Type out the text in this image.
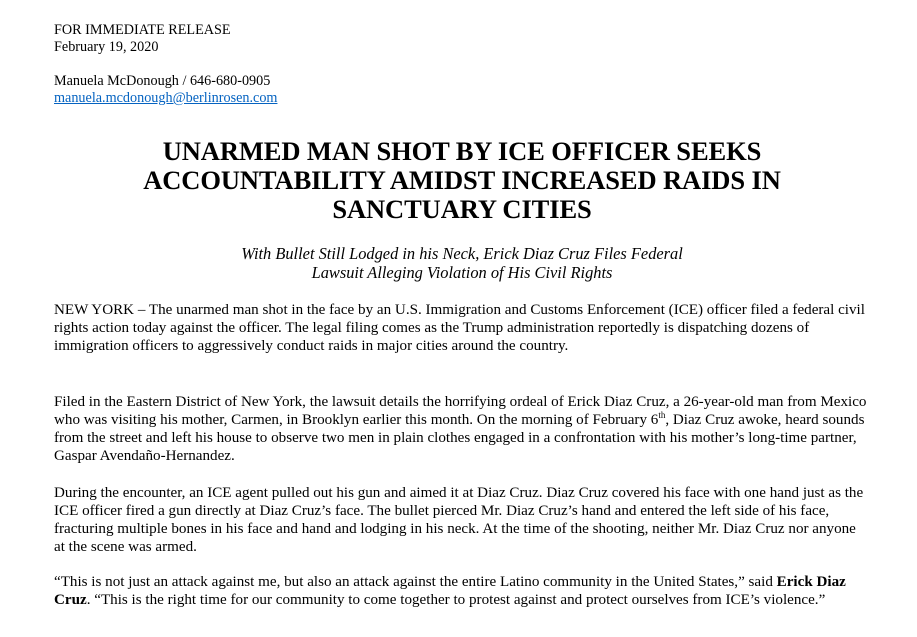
FOR IMMEDIATE RELEASE
February 19, 2020
Manuela McDonough / 646-680-0905
manuela.mcdonough@berlinrosen.com
UNARMED MAN SHOT BY ICE OFFICER SEEKS
ACCOUNTABILITY AMIDST INCREASED RAIDS IN
SANCTUARY CITIES
With Bullet Still Lodged in his Neck, Erick Diaz Cruz Files Federal
Lawsuit Alleging Violation of His Civil Rights

NEW YORK – The unarmed man shot in the face by an U.S. Immigration and Customs Enforcement (ICE) officer filed a federal civil rights action today against the officer. The legal filing comes as the Trump administration reportedly is dispatching dozens of immigration officers to aggressively conduct raids in major cities around the country.

Filed in the Eastern District of New York, the lawsuit details the horrifying ordeal of Erick Diaz Cruz, a 26-year-old man from Mexico who was visiting his mother, Carmen, in Brooklyn earlier this month. On the morning of February 6th, Diaz Cruz awoke, heard sounds from the street and left his house to observe two men in plain clothes engaged in a confrontation with his mother’s long-time partner, Gaspar Avendaño-Hernandez.

During the encounter, an ICE agent pulled out his gun and aimed it at Diaz Cruz. Diaz Cruz covered his face with one hand just as the ICE officer fired a gun directly at Diaz Cruz’s face. The bullet pierced Mr. Diaz Cruz’s hand and entered the left side of his face, fracturing multiple bones in his face and hand and lodging in his neck. At the time of the shooting, neither Mr. Diaz Cruz nor anyone at the scene was armed.

“This is not just an attack against me, but also an attack against the entire Latino community in the United States,” said Erick Diaz Cruz. “This is the right time for our community to come together to protest against and protect ourselves from ICE’s violence.”
